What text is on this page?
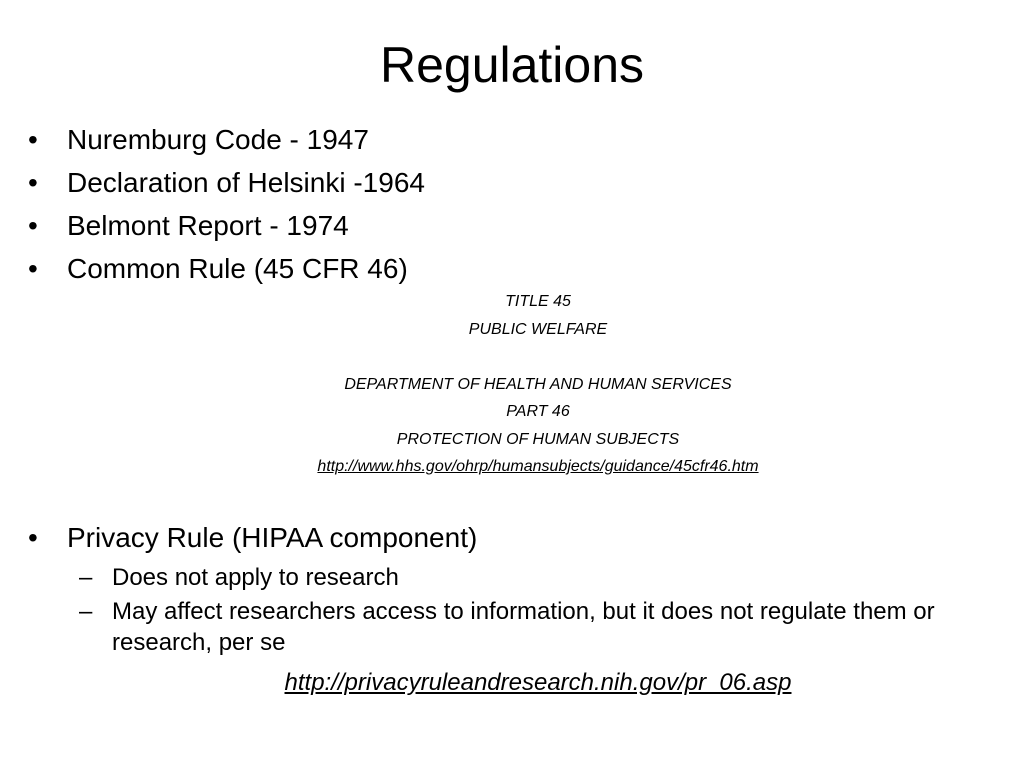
Regulations
• Nuremburg Code - 1947
• Declaration of Helsinki -1964
• Belmont Report - 1974
• Common Rule (45 CFR 46)
TITLE 45
PUBLIC WELFARE
DEPARTMENT OF HEALTH AND HUMAN SERVICES
PART 46
PROTECTION OF HUMAN SUBJECTS
http://www.hhs.gov/ohrp/humansubjects/guidance/45cfr46.htm
• Privacy Rule (HIPAA component)
– Does not apply to research
– May affect researchers access to information, but it does not regulate them or research, per se
http://privacyruleandresearch.nih.gov/pr_06.asp
